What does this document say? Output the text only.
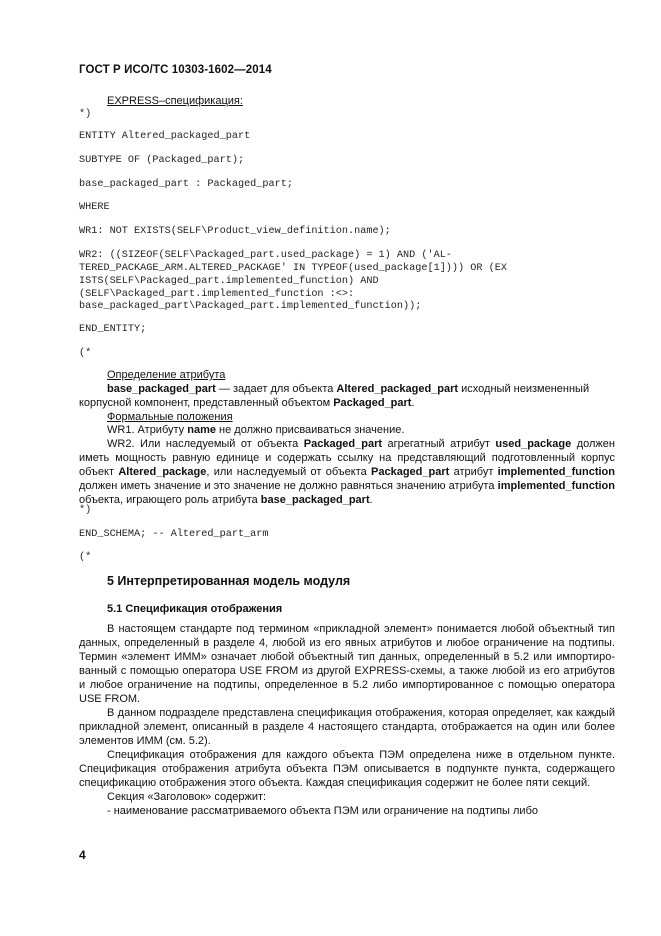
ГОСТ Р ИСО/ТС 10303-1602—2014
EXPRESS–спецификация:
*)
ENTITY Altered_packaged_part
SUBTYPE OF (Packaged_part);
base_packaged_part : Packaged_part;
WHERE
WR1: NOT EXISTS(SELF\Product_view_definition.name);
WR2: ((SIZEOF(SELF\Packaged_part.used_package) = 1) AND ('AL-
TERED_PACKAGE_ARM.ALTERED_PACKAGE' IN TYPEOF(used_package[1]))) OR (EX
ISTS(SELF\Packaged_part.implemented_function) AND
(SELF\Packaged_part.implemented_function :<>:
base_packaged_part\Packaged_part.implemented_function));
END_ENTITY;
(*
Определение атрибута

base_packaged_part — задает для объекта Altered_packaged_part исходный неизмененный

корпусной компонент, представленный объектом Packaged_part.
Формальные положения
WR1. Атрибуту name не должно присваиваться значение.

WR2. Или наследуемый от объекта Packaged_part агрегатный атрибут used_package должен иметь мощность равную единице и содержать ссылку на представляющий подготовленный корпус объект Altered_package, или наследуемый от объекта Packaged_part атрибут implemented_function должен иметь значение и это значение не должно равняться значению атрибута implemented_function объекта, играющего роль атрибута base_packaged_part.

*)
END_SCHEMA; -- Altered_part_arm
(*
5 Интерпретированная модель модуля
5.1 Спецификация отображения

В настоящем стандарте под термином «прикладной элемент» понимается любой объектный тип данных, определенный в разделе 4, любой из его явных атрибутов и любое ограничение на подтипы. Термин «элемент ИММ» означает любой объектный тип данных, определенный в 5.2 или импортированный с помощью оператора USE FROM из другой EXPRESS-схемы, а также любой из его атрибутов и любое ограничение на подтипы, определенное в 5.2 либо импортированное с помощью оператора USE FROM.

В данном подразделе представлена спецификация отображения, которая определяет, как каждый прикладной элемент, описанный в разделе 4 настоящего стандарта, отображается на один или более элементов ИММ (см. 5.2).

Спецификация отображения для каждого объекта ПЭМ определена ниже в отдельном пункте. Спецификация отображения атрибута объекта ПЭМ описывается в подпункте пункта, содержащего спецификацию отображения этого объекта. Каждая спецификация содержит не более пяти секций.

Секция «Заголовок» содержит:

- наименование рассматриваемого объекта ПЭМ или ограничение на подтипы либо

4
